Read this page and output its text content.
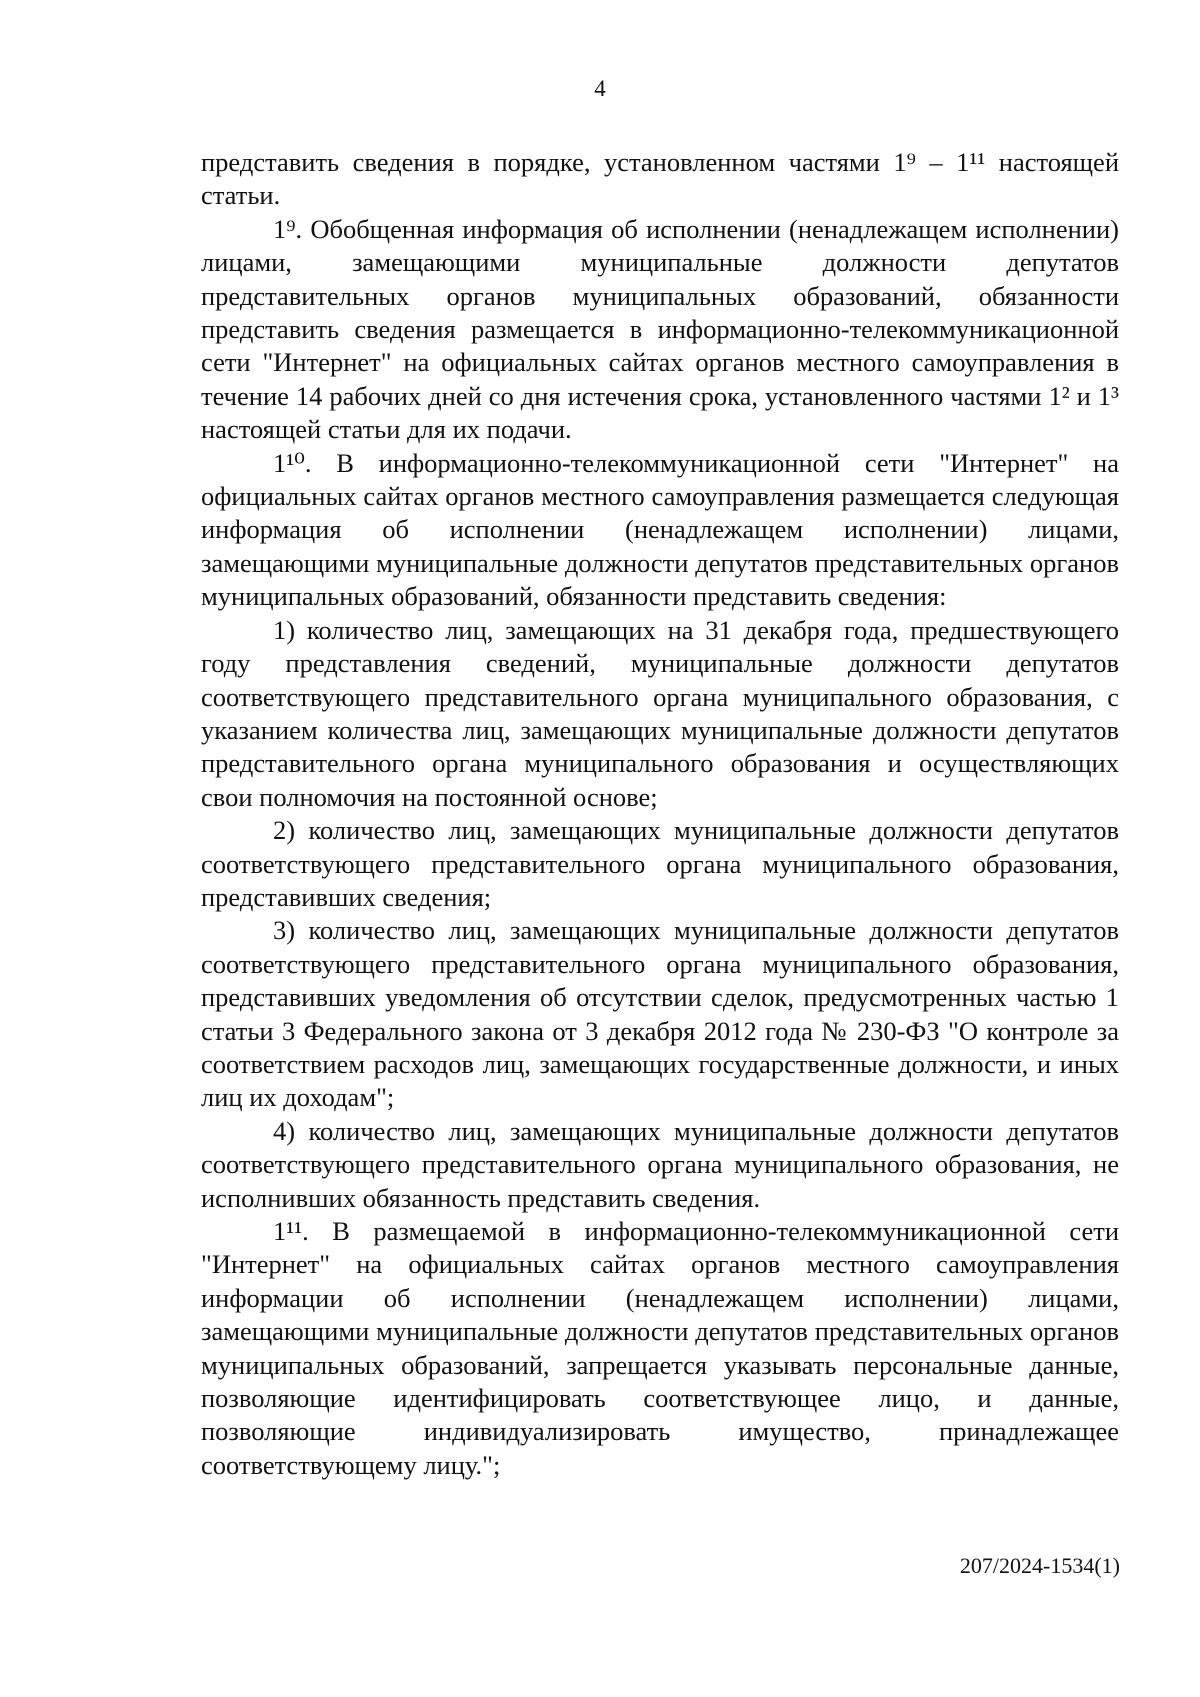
4

представить сведения в порядке, установленном частями 1⁹ – 1¹¹ настоящей статьи.

1⁹. Обобщенная информация об исполнении (ненадлежащем исполнении) лицами, замещающими муниципальные должности депутатов представительных органов муниципальных образований, обязанности представить сведения размещается в информационно-телекоммуникационной сети "Интернет" на официальных сайтах органов местного самоуправления в течение 14 рабочих дней со дня истечения срока, установленного частями 1² и 1³ настоящей статьи для их подачи.

1¹⁰. В информационно-телекоммуникационной сети "Интернет" на официальных сайтах органов местного самоуправления размещается следующая информация об исполнении (ненадлежащем исполнении) лицами, замещающими муниципальные должности депутатов представительных органов муниципальных образований, обязанности представить сведения:

1) количество лиц, замещающих на 31 декабря года, предшествующего году представления сведений, муниципальные должности депутатов соответствующего представительного органа муниципального образования, с указанием количества лиц, замещающих муниципальные должности депутатов представительного органа муниципального образования и осуществляющих свои полномочия на постоянной основе;

2) количество лиц, замещающих муниципальные должности депутатов соответствующего представительного органа муниципального образования, представивших сведения;

3) количество лиц, замещающих муниципальные должности депутатов соответствующего представительного органа муниципального образования, представивших уведомления об отсутствии сделок, предусмотренных частью 1 статьи 3 Федерального закона от 3 декабря 2012 года № 230-ФЗ "О контроле за соответствием расходов лиц, замещающих государственные должности, и иных лиц их доходам";

4) количество лиц, замещающих муниципальные должности депутатов соответствующего представительного органа муниципального образования, не исполнивших обязанность представить сведения.

1¹¹. В размещаемой в информационно-телекоммуникационной сети "Интернет" на официальных сайтах органов местного самоуправления информации об исполнении (ненадлежащем исполнении) лицами, замещающими муниципальные должности депутатов представительных органов муниципальных образований, запрещается указывать персональные данные, позволяющие идентифицировать соответствующее лицо, и данные, позволяющие индивидуализировать имущество, принадлежащее соответствующему лицу.";

207/2024-1534(1)
